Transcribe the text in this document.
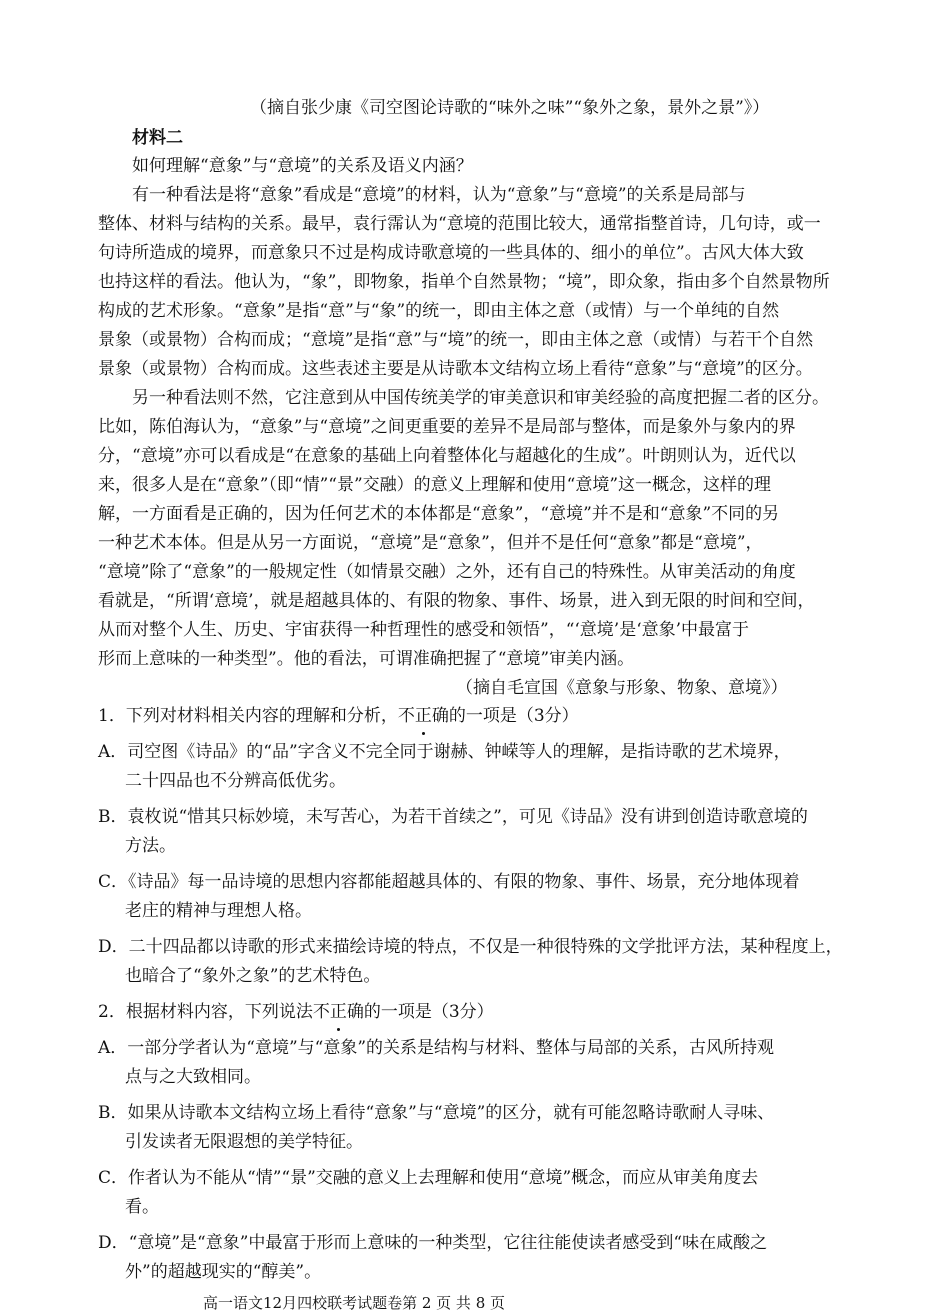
（摘自张少康《司空图论诗歌的“味外之味”“象外之象，景外之景”》）
材料二
如何理解“意象”与“意境”的关系及语义内涵？
有一种看法是将“意象”看成是“意境”的材料，认为“意象”与“意境”的关系是局部与
整体、材料与结构的关系。最早，袁行霈认为“意境的范围比较大，通常指整首诗，几句诗，或一
句诗所造成的境界，而意象只不过是构成诗歌意境的一些具体的、细小的单位”。古风大体大致
也持这样的看法。他认为，“象”，即物象，指单个自然景物；“境”，即众象，指由多个自然景物所
构成的艺术形象。“意象”是指“意”与“象”的统一，即由主体之意（或情）与一个单纯的自然
景象（或景物）合构而成；“意境”是指“意”与“境”的统一，即由主体之意（或情）与若干个自然
景象（或景物）合构而成。这些表述主要是从诗歌本文结构立场上看待“意象”与“意境”的区分。
另一种看法则不然，它注意到从中国传统美学的审美意识和审美经验的高度把握二者的区分。
比如，陈伯海认为，“意象”与“意境”之间更重要的差异不是局部与整体，而是象外与象内的界
分，“意境”亦可以看成是“在意象的基础上向着整体化与超越化的生成”。叶朗则认为，近代以
来，很多人是在“意象”（即“情”“景”交融）的意义上理解和使用“意境”这一概念，这样的理
解，一方面看是正确的，因为任何艺术的本体都是“意象”，“意境”并不是和“意象”不同的另
一种艺术本体。但是从另一方面说，“意境”是“意象”，但并不是任何“意象”都是“意境”，
“意境”除了“意象”的一般规定性（如情景交融）之外，还有自己的特殊性。从审美活动的角度
看就是，“所谓‘意境’，就是超越具体的、有限的物象、事件、场景，进入到无限的时间和空间，
从而对整个人生、历史、宇宙获得一种哲理性的感受和领悟”，“‘意境’是‘意象’中最富于
形而上意味的一种类型”。他的看法，可谓准确把握了“意境”审美内涵。
（摘自毛宣国《意象与形象、物象、意境》）
1．下列对材料相关内容的理解和分析，不正确的一项是（3分）
A．司空图《诗品》的“品”字含义不完全同于谢赫、钟嵘等人的理解，是指诗歌的艺术境界，
二十四品也不分辨高低优劣。
B．袁枚说“惜其只标妙境，未写苦心，为若干首续之”，可见《诗品》没有讲到创造诗歌意境的
方法。
C．《诗品》每一品诗境的思想内容都能超越具体的、有限的物象、事件、场景，充分地体现着
老庄的精神与理想人格。
D．二十四品都以诗歌的形式来描绘诗境的特点，不仅是一种很特殊的文学批评方法，某种程度上，
也暗合了“象外之象”的艺术特色。
2．根据材料内容，下列说法不正确的一项是（3分）
A．一部分学者认为“意境”与“意象”的关系是结构与材料、整体与局部的关系，古风所持观
点与之大致相同。
B．如果从诗歌本文结构立场上看待“意象”与“意境”的区分，就有可能忽略诗歌耐人寻味、
引发读者无限遐想的美学特征。
C．作者认为不能从“情”“景”交融的意义上去理解和使用“意境”概念，而应从审美角度去
看。
D．“意境”是“意象”中最富于形而上意味的一种类型，它往往能使读者感受到“味在咸酸之
外”的超越现实的“醇美”。
高一语文12月四校联考试题卷第 2 页 共 8 页
